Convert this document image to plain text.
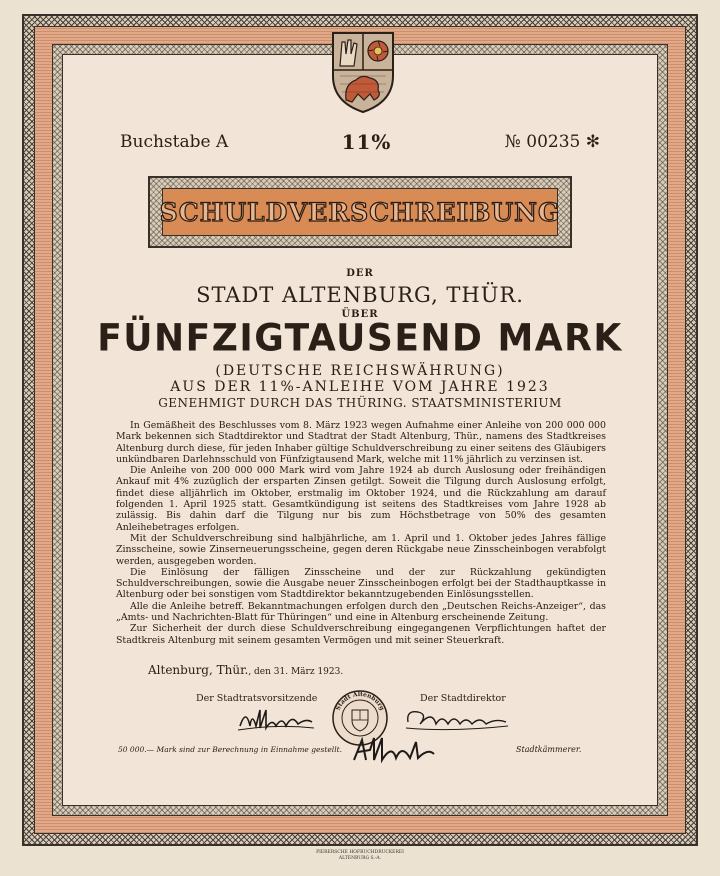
Buchstabe A	11%	№ 00235 ✻
SCHULDVERSCHREIBUNG
DER
STADT ALTENBURG, THÜR.
ÜBER
FÜNFZIGTAUSEND MARK
(DEUTSCHE REICHSWÄHRUNG)
AUS DER 11%-ANLEIHE VOM JAHRE 1923
GENEHMIGT DURCH DAS THÜRING. STAATSMINISTERIUM

In Gemäßheit des Beschlusses vom 8. März 1923 wegen Aufnahme einer Anleihe von 200 000 000 Mark bekennen sich Stadtdirektor und Stadtrat der Stadt Altenburg, Thür., namens des Stadtkreises Altenburg durch diese, für jeden Inhaber gültige Schuldverschreibung zu einer seitens des Gläubigers unkündbaren Darlehnsschuld von Fünfzigtausend Mark, welche mit 11% jährlich zu verzinsen ist.

Die Anleihe von 200 000 000 Mark wird vom Jahre 1924 ab durch Auslosung oder freihändigen Ankauf mit 4% zuzüglich der ersparten Zinsen getilgt. Soweit die Tilgung durch Auslosung erfolgt, findet diese alljährlich im Oktober, erstmalig im Oktober 1924, und die Rückzahlung am darauf folgenden 1. April 1925 statt. Gesamtkündigung ist seitens des Stadtkreises vom Jahre 1928 ab zulässig. Bis dahin darf die Tilgung nur bis zum Höchstbetrage von 50% des gesamten Anleihebetrages erfolgen.

Mit der Schuldverschreibung sind halbjährliche, am 1. April und 1. Oktober jedes Jahres fällige Zinsscheine, sowie Zinserneuerungsscheine, gegen deren Rückgabe neue Zinsscheinbogen verabfolgt werden, ausgegeben worden.

Die Einlösung der fälligen Zinsscheine und der zur Rückzahlung gekündigten Schuldverschreibungen, sowie die Ausgabe neuer Zinsscheinbogen erfolgt bei der Stadthauptkasse in Altenburg oder bei sonstigen vom Stadtdirektor bekanntzugebenden Einlösungsstellen.

Alle die Anleihe betreff. Bekanntmachungen erfolgen durch den „Deutschen Reichs-Anzeiger“, das „Amts- und Nachrichten-Blatt für Thüringen“ und eine in Altenburg erscheinende Zeitung.

Zur Sicherheit der durch diese Schuldverschreibung eingegangenen Verpflichtungen haftet der Stadtkreis Altenburg mit seinem gesamten Vermögen und mit seiner Steuerkraft.

Altenburg, Thür., den 31. März 1923.
Der Stadtratsvorsitzende	Der Stadtdirektor
Stadt Altenburg
50 000.— Mark sind zur Berechnung in Einnahme gestellt.	Stadtkämmerer.
PIERERSCHE HOFBUCHDRUCKEREI
ALTENBURG S.-A.
